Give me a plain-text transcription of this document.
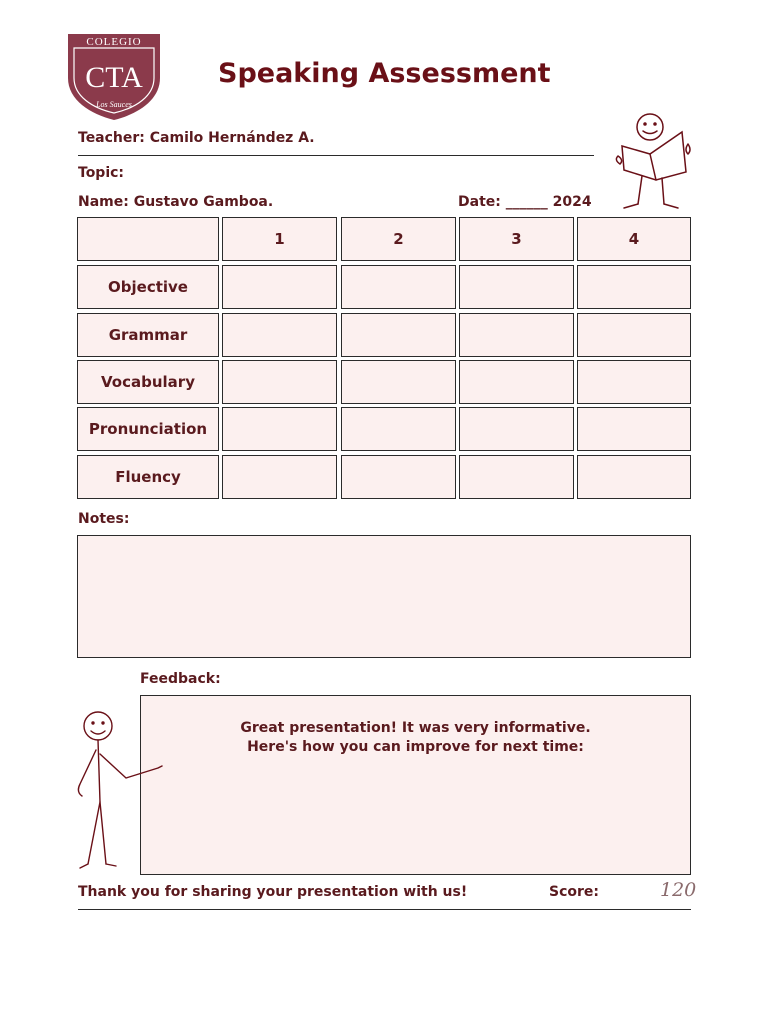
COLEGIO
CTA
Los Sauces
Speaking Assessment
Teacher: Camilo Hernández A.
Topic:
Name: Gustavo Gamboa.	Date: ______ 2024
1	2	3	4
Objective
Grammar
Vocabulary
Pronunciation
Fluency
Notes:
Feedback:
Great presentation! It was very informative.
Here's how you can improve for next time:
Thank you for sharing your presentation with us!	Score:	120
